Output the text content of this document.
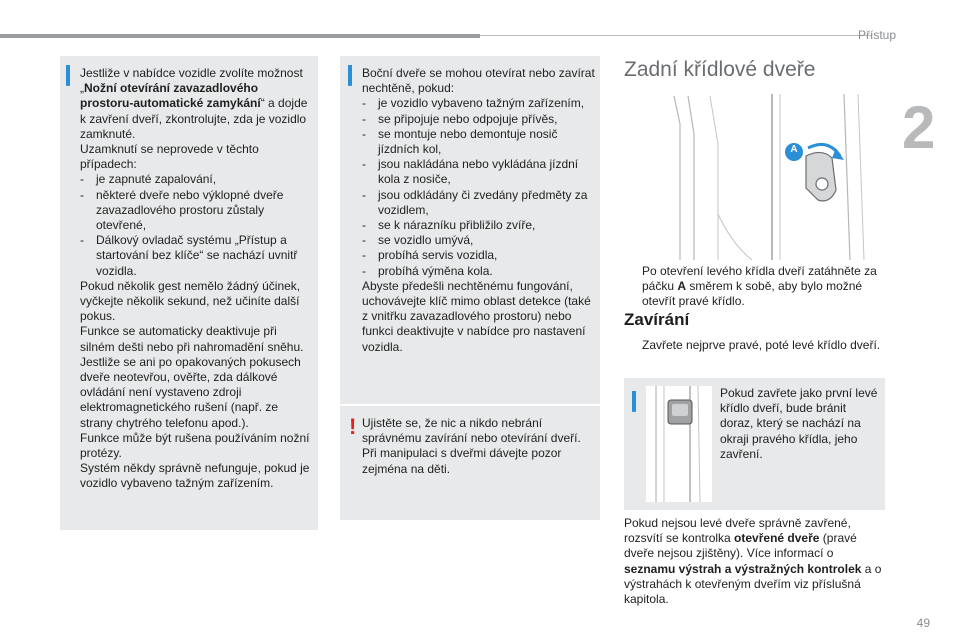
Přístup
2

Jestliže v nabídce vozidle zvolíte možnost „Nožní otevírání zavazadlového prostoru-automatické zamykání“ a dojde k zavření dveří, zkontrolujte, zda je vozidlo zamknuté.

Uzamknutí se neprovede v těchto případech:

- je zapnuté zapalování,
- některé dveře nebo výklopné dveře zavazadlového prostoru zůstaly otevřené,
- Dálkový ovladač systému „Přístup a startování bez klíče“ se nachází uvnitř vozidla.

Pokud několik gest nemělo žádný účinek, vyčkejte několik sekund, než učiníte další pokus.

Funkce se automaticky deaktivuje při silném dešti nebo při nahromadění sněhu.

Jestliže se ani po opakovaných pokusech dveře neotevřou, ověřte, zda dálkové ovládání není vystaveno zdroji elektromagnetického rušení (např. ze strany chytrého telefonu apod.).

Funkce může být rušena používáním nožní protézy.

Systém někdy správně nefunguje, pokud je vozidlo vybaveno tažným zařízením.

Boční dveře se mohou otevírat nebo zavírat nechtěně, pokud:

- je vozidlo vybaveno tažným zařízením,
- se připojuje nebo odpojuje přívěs,
- se montuje nebo demontuje nosič jízdních kol,
- jsou nakládána nebo vykládána jízdní kola z nosiče,
- jsou odkládány či zvedány předměty za vozidlem,
- se k nárazníku přibližilo zvíře,
- se vozidlo umývá,
- probíhá servis vozidla,
- probíhá výměna kola.

Abyste předešli nechtěnému fungování, uchovávejte klíč mimo oblast detekce (také z vnitřku zavazadlového prostoru) nebo funkci deaktivujte v nabídce pro nastavení vozidla.

! Ujistěte se, že nic a nikdo nebrání správnému zavírání nebo otevírání dveří. Při manipulaci s dveřmi dávejte pozor zejména na děti.
Zadní křídlové dveře
A
Po otevření levého křídla dveří zatáhněte za páčku A směrem k sobě, aby bylo možné otevřít pravé křídlo.
Zavírání
Zavřete nejprve pravé, poté levé křídlo dveří.
Pokud zavřete jako první levé křídlo dveří, bude bránit doraz, který se nachází na okraji pravého křídla, jeho zavření.
Pokud nejsou levé dveře správně zavřené, rozsvítí se kontrolka otevřené dveře (pravé dveře nejsou zjištěny). Více informací o seznamu výstrah a výstražných kontrolek a o výstrahách k otevřeným dveřím viz příslušná kapitola.
49
